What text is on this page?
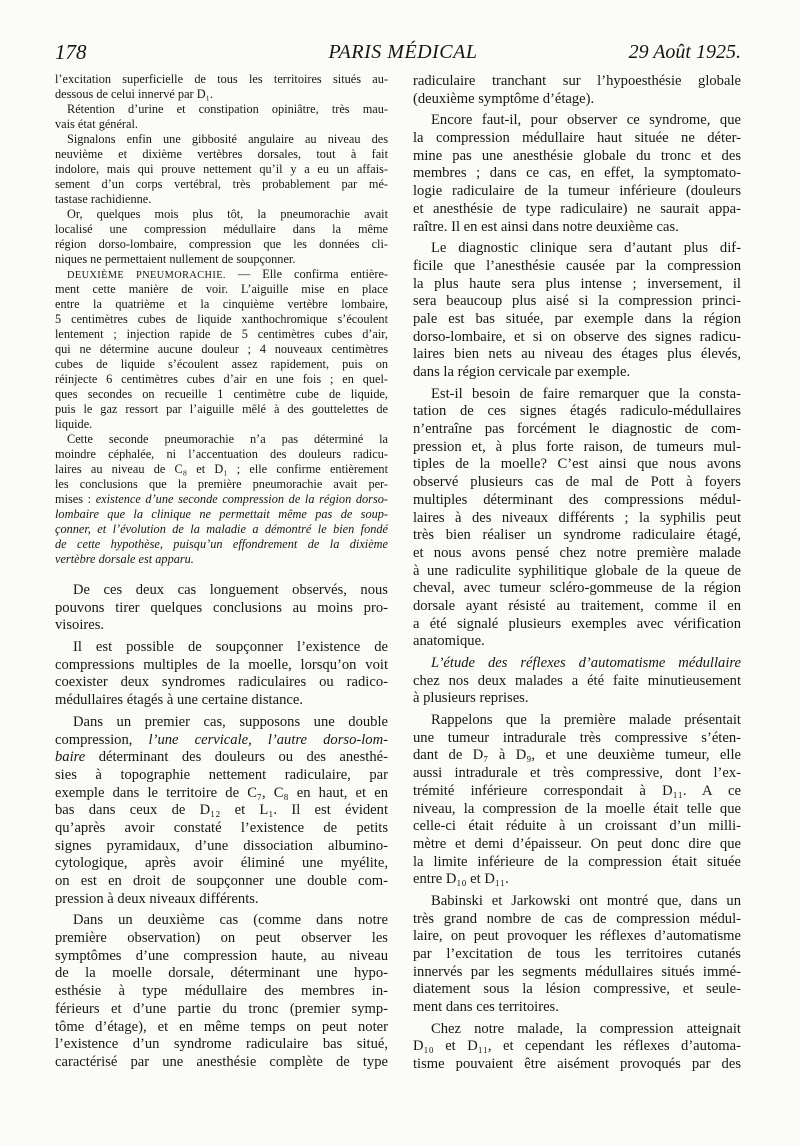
178	PARIS MÉDICAL	29 Août 1925.
l’excitation superficielle de tous les territoires situés au-
dessous de celui innervé par D₁.
Rétention d’urine et constipation opiniâtre, très mau-
vais état général.
Signalons enfin une gibbosité angulaire au niveau des
neuvième et dixième vertèbres dorsales, tout à fait
indolore, mais qui prouve nettement qu’il y a eu un affais-
sement d’un corps vertébral, très probablement par mé-
tastase rachidienne.
Or, quelques mois plus tôt, la pneumorachie avait
localisé une compression médullaire dans la même
région dorso-lombaire, compression que les données cli-
niques ne permettaient nullement de soupçonner.
DEUXIÈME PNEUMORACHIE. — Elle confirma entière-
ment cette manière de voir. L’aiguille mise en place
entre la quatrième et la cinquième vertèbre lombaire,
5 centimètres cubes de liquide xanthochromique s’écoulent
lentement ; injection rapide de 5 centimètres cubes d’air,
qui ne détermine aucune douleur ; 4 nouveaux centimètres
cubes de liquide s’écoulent assez rapidement, puis on
réinjecte 6 centimètres cubes d’air en une fois ; en quel-
ques secondes on recueille 1 centimètre cube de liquide,
puis le gaz ressort par l’aiguille mêlé à des gouttelettes de
liquide.
Cette seconde pneumorachie n’a pas déterminé la
moindre céphalée, ni l’accentuation des douleurs radicu-
laires au niveau de C₈ et D₁ ; elle confirme entièrement
les conclusions que la première pneumorachie avait per-
mises : existence d’une seconde compression de la région dorso-
lombaire que la clinique ne permettait même pas de soup-
çonner, et l’évolution de la maladie a démontré le bien fondé
de cette hypothèse, puisqu’un effondrement de la dixième
vertèbre dorsale est apparu.
De ces deux cas longuement observés, nous
pouvons tirer quelques conclusions au moins pro-
visoires.
Il est possible de soupçonner l’existence de
compressions multiples de la moelle, lorsqu’on voit
coexister deux syndromes radiculaires ou radico-
médullaires étagés à une certaine distance.
Dans un premier cas, supposons une double
compression, l’une cervicale, l’autre dorso-lom-
baire déterminant des douleurs ou des anesthé-
sies à topographie nettement radiculaire, par
exemple dans le territoire de C₇, C₈ en haut, et en
bas dans ceux de D₁₂ et L₁. Il est évident
qu’après avoir constaté l’existence de petits
signes pyramidaux, d’une dissociation albumino-
cytologique, après avoir éliminé une myélite,
on est en droit de soupçonner une double com-
pression à deux niveaux différents.
Dans un deuxième cas (comme dans notre
première observation) on peut observer les
symptômes d’une compression haute, au niveau
de la moelle dorsale, déterminant une hypo-
esthésie à type médullaire des membres in-
férieurs et d’une partie du tronc (premier symp-
tôme d’étage), et en même temps on peut noter
l’existence d’un syndrome radiculaire bas situé,
caractérisé par une anesthésie complète de type
radiculaire tranchant sur l’hypoesthésie globale
(deuxième symptôme d’étage).
Encore faut-il, pour observer ce syndrome, que
la compression médullaire haut située ne déter-
mine pas une anesthésie globale du tronc et des
membres ; dans ce cas, en effet, la symptomato-
logie radiculaire de la tumeur inférieure (douleurs
et anesthésie de type radiculaire) ne saurait appa-
raître. Il en est ainsi dans notre deuxième cas.
Le diagnostic clinique sera d’autant plus dif-
ficile que l’anesthésie causée par la compression
la plus haute sera plus intense ; inversement, il
sera beaucoup plus aisé si la compression princi-
pale est bas située, par exemple dans la région
dorso-lombaire, et si on observe des signes radicu-
laires bien nets au niveau des étages plus élevés,
dans la région cervicale par exemple.
Est-il besoin de faire remarquer que la consta-
tation de ces signes étagés radiculo-médullaires
n’entraîne pas forcément le diagnostic de com-
pression et, à plus forte raison, de tumeurs mul-
tiples de la moelle? C’est ainsi que nous avons
observé plusieurs cas de mal de Pott à foyers
multiples déterminant des compressions médul-
laires à des niveaux différents ; la syphilis peut
très bien réaliser un syndrome radiculaire étagé,
et nous avons pensé chez notre première malade
à une radiculite syphilitique globale de la queue de
cheval, avec tumeur scléro-gommeuse de la région
dorsale ayant résisté au traitement, comme il en
a été signalé plusieurs exemples avec vérification
anatomique.
L’étude des réflexes d’automatisme médullaire
chez nos deux malades a été faite minutieusement
à plusieurs reprises.
Rappelons que la première malade présentait
une tumeur intradurale très compressive s’éten-
dant de D₇ à D₉, et une deuxième tumeur, elle
aussi intradurale et très compressive, dont l’ex-
trémité inférieure correspondait à D₁₁. A ce
niveau, la compression de la moelle était telle que
celle-ci était réduite à un croissant d’un milli-
mètre et demi d’épaisseur. On peut donc dire que
la limite inférieure de la compression était située
entre D₁₀ et D₁₁.
Babinski et Jarkowski ont montré que, dans un
très grand nombre de cas de compression médul-
laire, on peut provoquer les réflexes d’automatisme
par l’excitation de tous les territoires cutanés
innervés par les segments médullaires situés immé-
diatement sous la lésion compressive, et seule-
ment dans ces territoires.
Chez notre malade, la compression atteignait
D₁₀ et D₁₁, et cependant les réflexes d’automa-
tisme pouvaient être aisément provoqués par des
